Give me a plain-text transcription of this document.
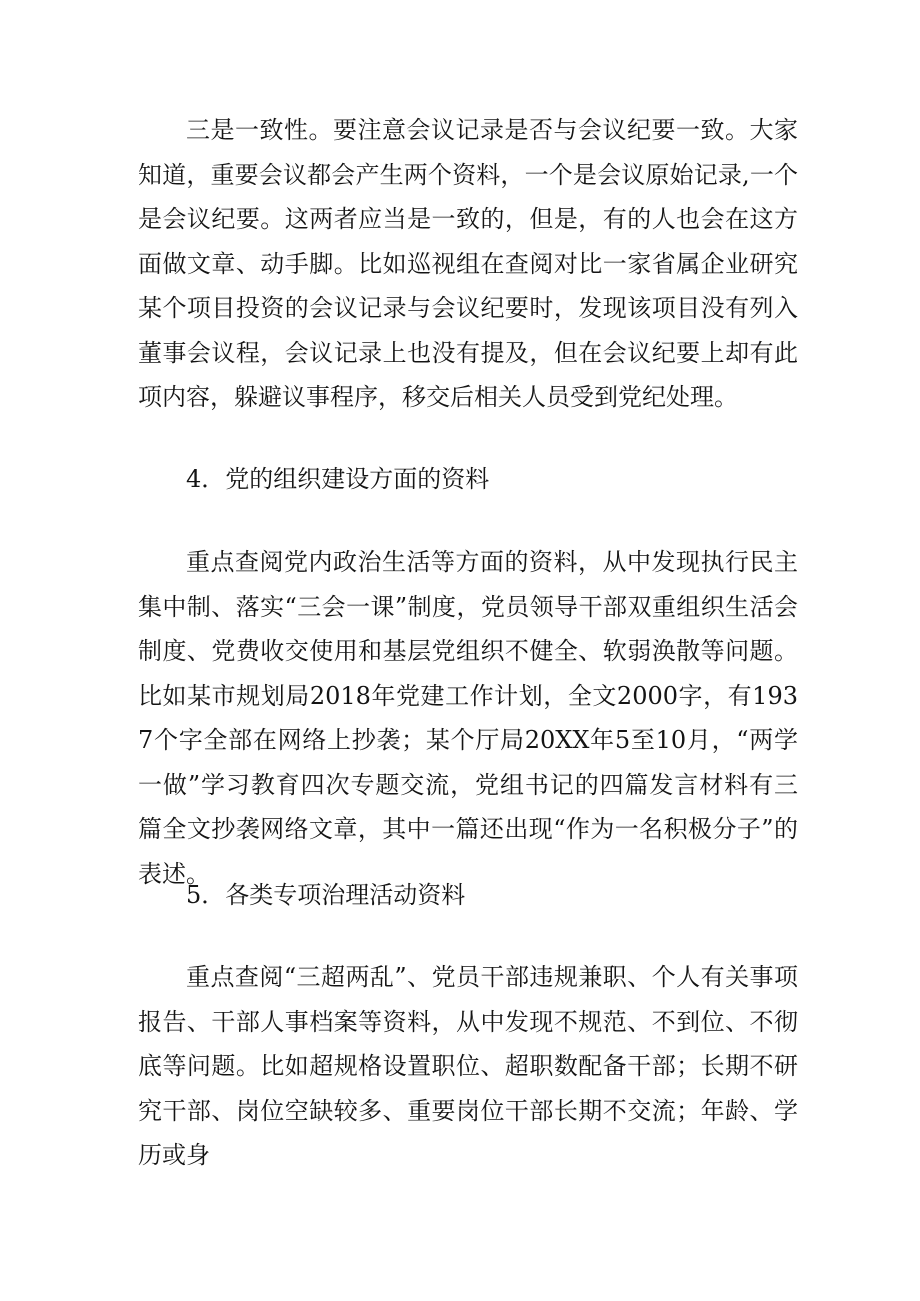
三是一致性。要注意会议记录是否与会议纪要一致。大家知道，重要会议都会产生两个资料，一个是会议原始记录,一个是会议纪要。这两者应当是一致的，但是，有的人也会在这方面做文章、动手脚。比如巡视组在查阅对比一家省属企业研究某个项目投资的会议记录与会议纪要时，发现该项目没有列入董事会议程，会议记录上也没有提及，但在会议纪要上却有此项内容，躲避议事程序，移交后相关人员受到党纪处理。

4．党的组织建设方面的资料

重点查阅党内政治生活等方面的资料，从中发现执行民主集中制、落实“三会一课”制度，党员领导干部双重组织生活会制度、党费收交使用和基层党组织不健全、软弱涣散等问题。比如某市规划局2018年党建工作计划，全文2000字，有1937个字全部在网络上抄袭；某个厅局20XX年5至10月，“两学一做”学习教育四次专题交流，党组书记的四篇发言材料有三篇全文抄袭网络文章，其中一篇还出现“作为一名积极分子”的表述。

5．各类专项治理活动资料

重点查阅“三超两乱”、党员干部违规兼职、个人有关事项报告、干部人事档案等资料，从中发现不规范、不到位、不彻底等问题。比如超规格设置职位、超职数配备干部；长期不研究干部、岗位空缺较多、重要岗位干部长期不交流；年龄、学历或身
